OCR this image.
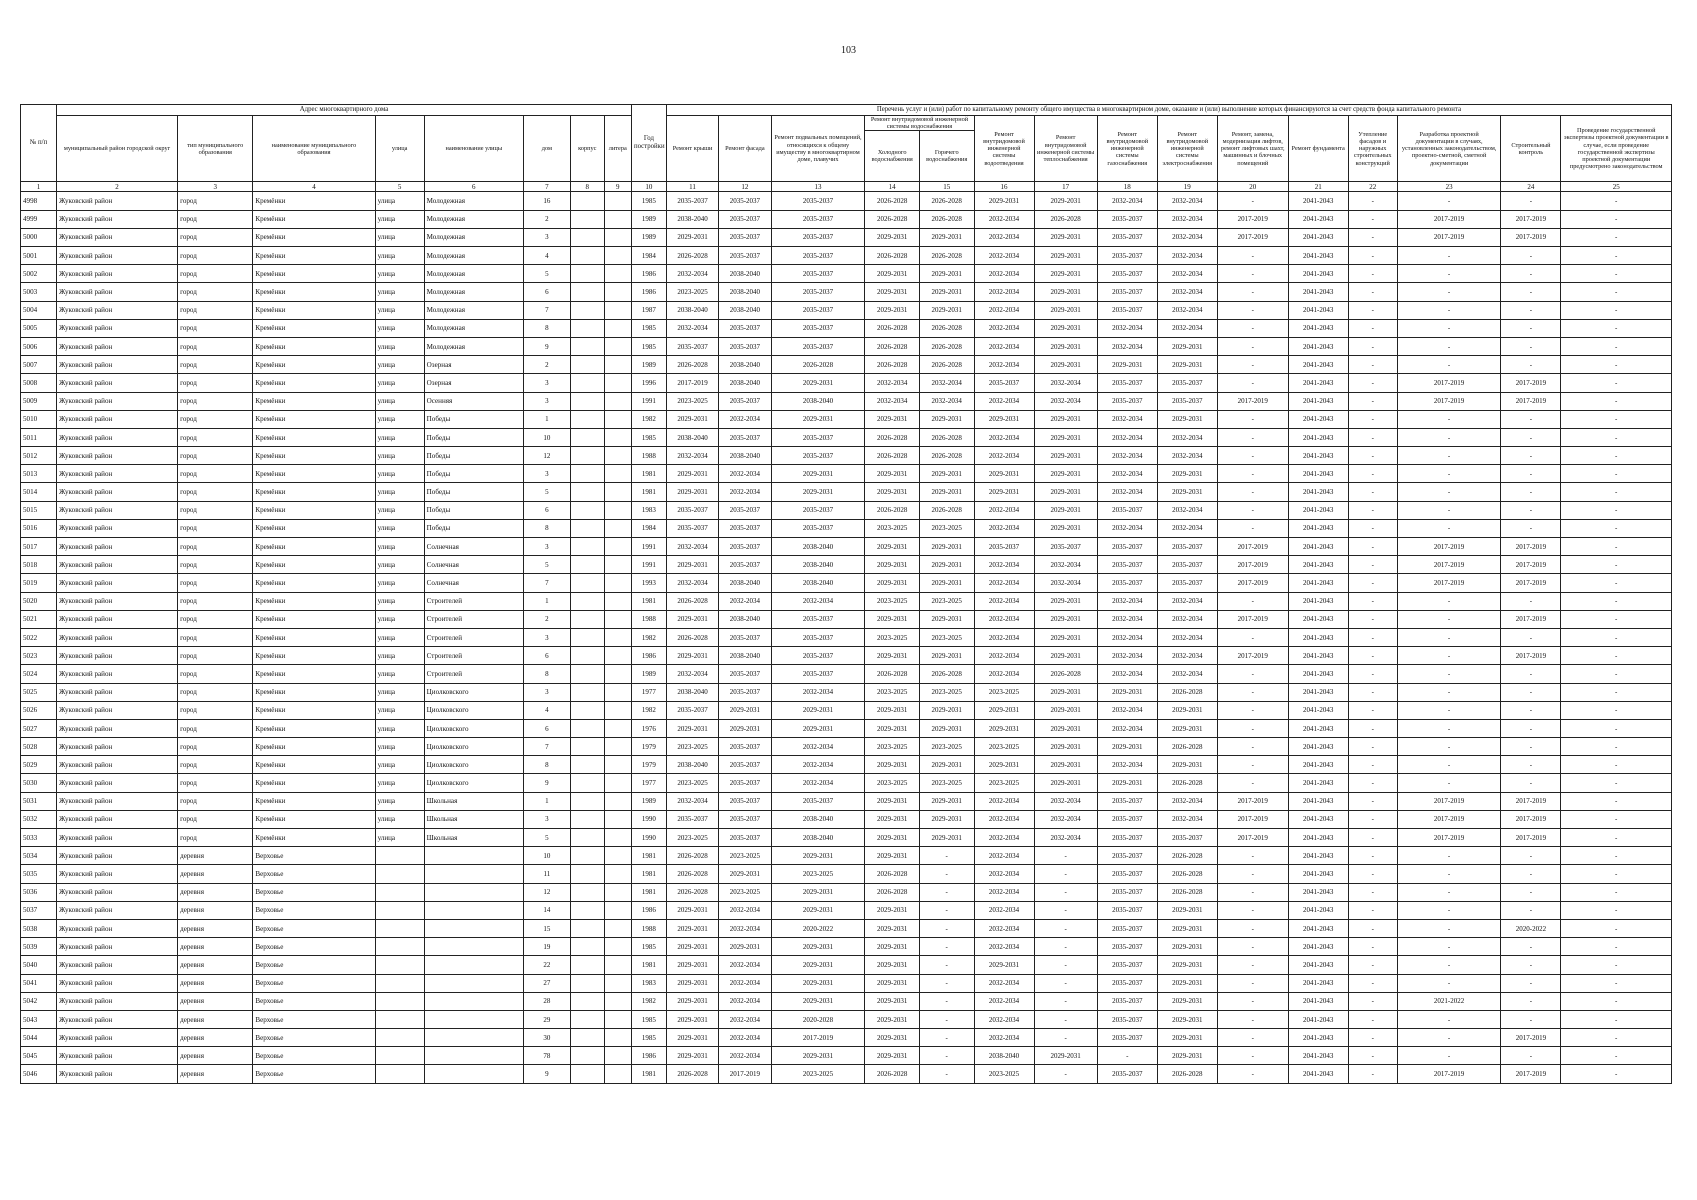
103
№ п/п	Адрес многоквартирного дома								Год постройки	Перечень услуг и (или) работ по капитальному ремонту общего имущества в многоквартирном доме, оказание и (или) выполнение которых финансируются за счет средств фонда капитального ремонта														
	муниципальный район городской округ	тип муниципального образования	наименование муниципального образования	улица	наименование улицы	дом	корпус	литера		Ремонт крыши	Ремонт фасада	Ремонт подвальных помещений, относящихся к общему имуществу в многоквартирном доме, плавучих	Ремонт внутридомовой инженерной системы водоснабжения		Ремонт внутридомовой инженерной системы водоотведения	Ремонт внутридомовой инженерной системы теплоснабжения	Ремонт внутридомовой инженерной системы газоснабжения	Ремонт внутридомовой инженерной системы электроснабжения	Ремонт, замена, модернизация лифтов, ремонт лифтовых шахт, машинных и блочных помещений	Ремонт фундамента	Утепление фасадов и наружных строительных конструкций	Разработка проектной документации в случаях, установленных законодательством, проектно-сметной, сметной документации	Строительный контроль	Проведение государственной экспертизы проектной документации в случае, если проведение государственной экспертизы проектной документации предусмотрено законодательством
													Холодного водоснабжения	Горячего водоснабжения										
1	2	3	4	5	6	7	8	9	10	11	12	13	14	15	16	17	18	19	20	21	22	23	24	25
4998	Жуковский район	город	Кремёнки	улица	Молодежная	16			1985	2035-2037	2035-2037	2035-2037	2026-2028	2026-2028	2029-2031	2029-2031	2032-2034	2032-2034	-	2041-2043	-	-	-	-
4999	Жуковский район	город	Кремёнки	улица	Молодежная	2			1989	2038-2040	2035-2037	2035-2037	2026-2028	2026-2028	2032-2034	2026-2028	2035-2037	2032-2034	2017-2019	2041-2043	-	2017-2019	2017-2019	-
5000	Жуковский район	город	Кремёнки	улица	Молодежная	3			1989	2029-2031	2035-2037	2035-2037	2029-2031	2029-2031	2032-2034	2029-2031	2035-2037	2032-2034	2017-2019	2041-2043	-	2017-2019	2017-2019	-
5001	Жуковский район	город	Кремёнки	улица	Молодежная	4			1984	2026-2028	2035-2037	2035-2037	2026-2028	2026-2028	2032-2034	2029-2031	2035-2037	2032-2034	-	2041-2043	-	-	-	-
5002	Жуковский район	город	Кремёнки	улица	Молодежная	5			1986	2032-2034	2038-2040	2035-2037	2029-2031	2029-2031	2032-2034	2029-2031	2035-2037	2032-2034	-	2041-2043	-	-	-	-
5003	Жуковский район	город	Кремёнки	улица	Молодежная	6			1986	2023-2025	2038-2040	2035-2037	2029-2031	2029-2031	2032-2034	2029-2031	2035-2037	2032-2034	-	2041-2043	-	-	-	-
5004	Жуковский район	город	Кремёнки	улица	Молодежная	7			1987	2038-2040	2038-2040	2035-2037	2029-2031	2029-2031	2032-2034	2029-2031	2035-2037	2032-2034	-	2041-2043	-	-	-	-
5005	Жуковский район	город	Кремёнки	улица	Молодежная	8			1985	2032-2034	2035-2037	2035-2037	2026-2028	2026-2028	2032-2034	2029-2031	2032-2034	2032-2034	-	2041-2043	-	-	-	-
5006	Жуковский район	город	Кремёнки	улица	Молодежная	9			1985	2035-2037	2035-2037	2035-2037	2026-2028	2026-2028	2032-2034	2029-2031	2032-2034	2029-2031	-	2041-2043	-	-	-	-
5007	Жуковский район	город	Кремёнки	улица	Озерная	2			1989	2026-2028	2038-2040	2026-2028	2026-2028	2026-2028	2032-2034	2029-2031	2029-2031	2029-2031	-	2041-2043	-	-	-	-
5008	Жуковский район	город	Кремёнки	улица	Озерная	3			1996	2017-2019	2038-2040	2029-2031	2032-2034	2032-2034	2035-2037	2032-2034	2035-2037	2035-2037	-	2041-2043	-	2017-2019	2017-2019	-
5009	Жуковский район	город	Кремёнки	улица	Осенняя	3			1991	2023-2025	2035-2037	2038-2040	2032-2034	2032-2034	2032-2034	2032-2034	2035-2037	2035-2037	2017-2019	2041-2043	-	2017-2019	2017-2019	-
5010	Жуковский район	город	Кремёнки	улица	Победы	1			1982	2029-2031	2032-2034	2029-2031	2029-2031	2029-2031	2029-2031	2029-2031	2032-2034	2029-2031	-	2041-2043	-	-	-	-
5011	Жуковский район	город	Кремёнки	улица	Победы	10			1985	2038-2040	2035-2037	2035-2037	2026-2028	2026-2028	2032-2034	2029-2031	2032-2034	2032-2034	-	2041-2043	-	-	-	-
5012	Жуковский район	город	Кремёнки	улица	Победы	12			1988	2032-2034	2038-2040	2035-2037	2026-2028	2026-2028	2032-2034	2029-2031	2032-2034	2032-2034	-	2041-2043	-	-	-	-
5013	Жуковский район	город	Кремёнки	улица	Победы	3			1981	2029-2031	2032-2034	2029-2031	2029-2031	2029-2031	2029-2031	2029-2031	2032-2034	2029-2031	-	2041-2043	-	-	-	-
5014	Жуковский район	город	Кремёнки	улица	Победы	5			1981	2029-2031	2032-2034	2029-2031	2029-2031	2029-2031	2029-2031	2029-2031	2032-2034	2029-2031	-	2041-2043	-	-	-	-
5015	Жуковский район	город	Кремёнки	улица	Победы	6			1983	2035-2037	2035-2037	2035-2037	2026-2028	2026-2028	2032-2034	2029-2031	2035-2037	2032-2034	-	2041-2043	-	-	-	-
5016	Жуковский район	город	Кремёнки	улица	Победы	8			1984	2035-2037	2035-2037	2035-2037	2023-2025	2023-2025	2032-2034	2029-2031	2032-2034	2032-2034	-	2041-2043	-	-	-	-
5017	Жуковский район	город	Кремёнки	улица	Солнечная	3			1991	2032-2034	2035-2037	2038-2040	2029-2031	2029-2031	2035-2037	2035-2037	2035-2037	2035-2037	2017-2019	2041-2043	-	2017-2019	2017-2019	-
5018	Жуковский район	город	Кремёнки	улица	Солнечная	5			1991	2029-2031	2035-2037	2038-2040	2029-2031	2029-2031	2032-2034	2032-2034	2035-2037	2035-2037	2017-2019	2041-2043	-	2017-2019	2017-2019	-
5019	Жуковский район	город	Кремёнки	улица	Солнечная	7			1993	2032-2034	2038-2040	2038-2040	2029-2031	2029-2031	2032-2034	2032-2034	2035-2037	2035-2037	2017-2019	2041-2043	-	2017-2019	2017-2019	-
5020	Жуковский район	город	Кремёнки	улица	Строителей	1			1981	2026-2028	2032-2034	2032-2034	2023-2025	2023-2025	2032-2034	2029-2031	2032-2034	2032-2034	-	2041-2043	-	-	-	-
5021	Жуковский район	город	Кремёнки	улица	Строителей	2			1988	2029-2031	2038-2040	2035-2037	2029-2031	2029-2031	2032-2034	2029-2031	2032-2034	2032-2034	2017-2019	2041-2043	-	-	2017-2019	-
5022	Жуковский район	город	Кремёнки	улица	Строителей	3			1982	2026-2028	2035-2037	2035-2037	2023-2025	2023-2025	2032-2034	2029-2031	2032-2034	2032-2034	-	2041-2043	-	-	-	-
5023	Жуковский район	город	Кремёнки	улица	Строителей	6			1986	2029-2031	2038-2040	2035-2037	2029-2031	2029-2031	2032-2034	2029-2031	2032-2034	2032-2034	2017-2019	2041-2043	-	-	2017-2019	-
5024	Жуковский район	город	Кремёнки	улица	Строителей	8			1989	2032-2034	2035-2037	2035-2037	2026-2028	2026-2028	2032-2034	2026-2028	2032-2034	2032-2034	-	2041-2043	-	-	-	-
5025	Жуковский район	город	Кремёнки	улица	Циолковского	3			1977	2038-2040	2035-2037	2032-2034	2023-2025	2023-2025	2023-2025	2029-2031	2029-2031	2026-2028	-	2041-2043	-	-	-	-
5026	Жуковский район	город	Кремёнки	улица	Циолковского	4			1982	2035-2037	2029-2031	2029-2031	2029-2031	2029-2031	2029-2031	2029-2031	2032-2034	2029-2031	-	2041-2043	-	-	-	-
5027	Жуковский район	город	Кремёнки	улица	Циолковского	6			1976	2029-2031	2029-2031	2029-2031	2029-2031	2029-2031	2029-2031	2029-2031	2032-2034	2029-2031	-	2041-2043	-	-	-	-
5028	Жуковский район	город	Кремёнки	улица	Циолковского	7			1979	2023-2025	2035-2037	2032-2034	2023-2025	2023-2025	2023-2025	2029-2031	2029-2031	2026-2028	-	2041-2043	-	-	-	-
5029	Жуковский район	город	Кремёнки	улица	Циолковского	8			1979	2038-2040	2035-2037	2032-2034	2029-2031	2029-2031	2029-2031	2029-2031	2032-2034	2029-2031	-	2041-2043	-	-	-	-
5030	Жуковский район	город	Кремёнки	улица	Циолковского	9			1977	2023-2025	2035-2037	2032-2034	2023-2025	2023-2025	2023-2025	2029-2031	2029-2031	2026-2028	-	2041-2043	-	-	-	-
5031	Жуковский район	город	Кремёнки	улица	Школьная	1			1989	2032-2034	2035-2037	2035-2037	2029-2031	2029-2031	2032-2034	2032-2034	2035-2037	2032-2034	2017-2019	2041-2043	-	2017-2019	2017-2019	-
5032	Жуковский район	город	Кремёнки	улица	Школьная	3			1990	2035-2037	2035-2037	2038-2040	2029-2031	2029-2031	2032-2034	2032-2034	2035-2037	2032-2034	2017-2019	2041-2043	-	2017-2019	2017-2019	-
5033	Жуковский район	город	Кремёнки	улица	Школьная	5			1990	2023-2025	2035-2037	2038-2040	2029-2031	2029-2031	2032-2034	2032-2034	2035-2037	2035-2037	2017-2019	2041-2043	-	2017-2019	2017-2019	-
5034	Жуковский район	деревня	Верховье			10			1981	2026-2028	2023-2025	2029-2031	2029-2031	-	2032-2034	-	2035-2037	2026-2028	-	2041-2043	-	-	-	-
5035	Жуковский район	деревня	Верховье			11			1981	2026-2028	2029-2031	2023-2025	2026-2028	-	2032-2034	-	2035-2037	2026-2028	-	2041-2043	-	-	-	-
5036	Жуковский район	деревня	Верховье			12			1981	2026-2028	2023-2025	2029-2031	2026-2028	-	2032-2034	-	2035-2037	2026-2028	-	2041-2043	-	-	-	-
5037	Жуковский район	деревня	Верховье			14			1986	2029-2031	2032-2034	2029-2031	2029-2031	-	2032-2034	-	2035-2037	2029-2031	-	2041-2043	-	-	-	-
5038	Жуковский район	деревня	Верховье			15			1988	2029-2031	2032-2034	2020-2022	2029-2031	-	2032-2034	-	2035-2037	2029-2031	-	2041-2043	-	-	2020-2022	-
5039	Жуковский район	деревня	Верховье			19			1985	2029-2031	2029-2031	2029-2031	2029-2031	-	2032-2034	-	2035-2037	2029-2031	-	2041-2043	-	-	-	-
5040	Жуковский район	деревня	Верховье			22			1981	2029-2031	2032-2034	2029-2031	2029-2031	-	2029-2031	-	2035-2037	2029-2031	-	2041-2043	-	-	-	-
5041	Жуковский район	деревня	Верховье			27			1983	2029-2031	2032-2034	2029-2031	2029-2031	-	2032-2034	-	2035-2037	2029-2031	-	2041-2043	-	-	-	-
5042	Жуковский район	деревня	Верховье			28			1982	2029-2031	2032-2034	2029-2031	2029-2031	-	2032-2034	-	2035-2037	2029-2031	-	2041-2043	-	2021-2022	-	-
5043	Жуковский район	деревня	Верховье			29			1985	2029-2031	2032-2034	2020-2028	2029-2031	-	2032-2034	-	2035-2037	2029-2031	-	2041-2043	-	-	-	-
5044	Жуковский район	деревня	Верховье			30			1985	2029-2031	2032-2034	2017-2019	2029-2031	-	2032-2034	-	2035-2037	2029-2031	-	2041-2043	-	-	2017-2019	-
5045	Жуковский район	деревня	Верховье			78			1986	2029-2031	2032-2034	2029-2031	2029-2031	-	2038-2040	2029-2031	-	2029-2031	-	2041-2043	-	-	-	-
5046	Жуковский район	деревня	Верховье			9			1981	2026-2028	2017-2019	2023-2025	2026-2028	-	2023-2025	-	2035-2037	2026-2028	-	2041-2043	-	2017-2019	2017-2019	-
